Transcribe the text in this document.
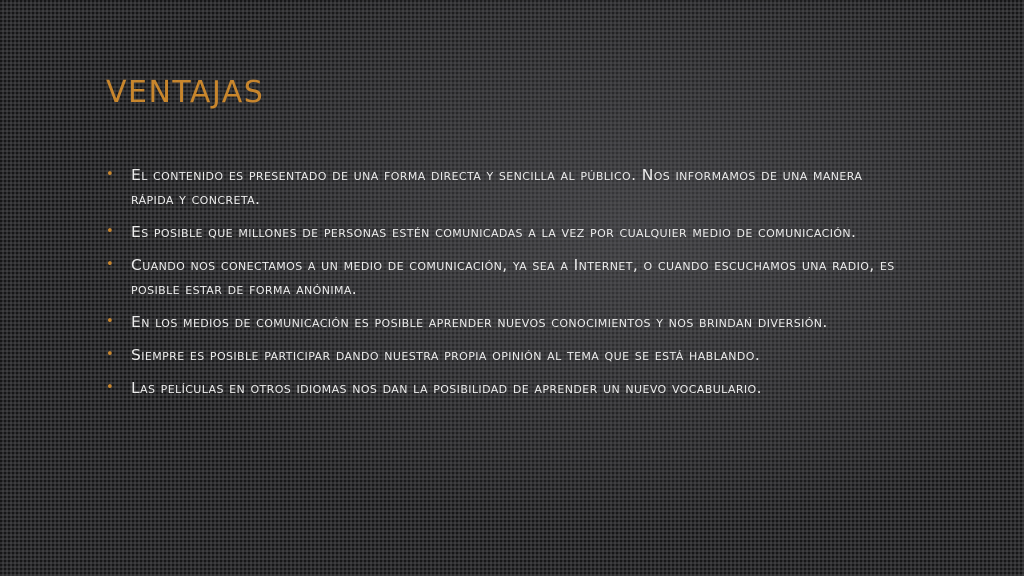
VENTAJAS
• El contenido es presentado de una forma directa y sencilla al público. Nos informamos de una manera rápida y concreta.
• Es posible que millones de personas estén comunicadas a la vez por cualquier medio de comunicación.
• Cuando nos conectamos a un medio de comunicación, ya sea a Internet, o cuando escuchamos una radio, es posible estar de forma anónima.
• En los medios de comunicación es posible aprender nuevos conocimientos y nos brindan diversión.
• Siempre es posible participar dando nuestra propia opinión al tema que se está hablando.
• Las películas en otros idiomas nos dan la posibilidad de aprender un nuevo vocabulario.
